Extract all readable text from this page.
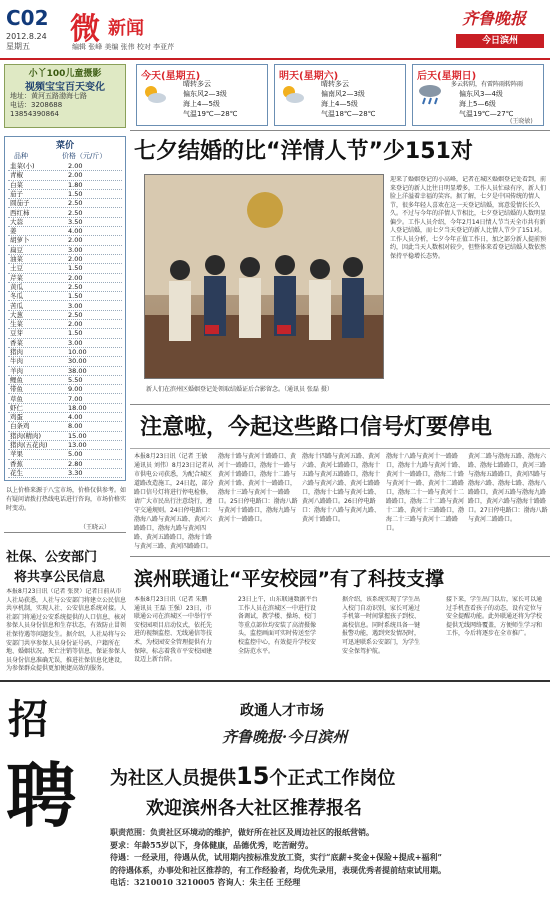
C02
2012.8.24
星期五	微 新闻
编辑 张峰 美编 张伟 校对 李亚芹
齐鲁晚报
今日滨州
小丫100儿童摄影
视频宝宝百天变化
地址：黄河五路渤海七路
电话：3208688
13854390864
今天(星期五)
晴转多云
偏东风2—3级
海上4—5级
气温19℃—28℃
明天(星期六)
晴转多云
偏南风2—3级
海上4—5级
气温18℃—28℃
后天(星期日)
多云转阴，有雷阵雨转阵雨
偏东风3—4级
海上5—6级
气温19℃—27℃
(王晓敏)
菜价
品种	价格（元/斤）
韭菜(小)	2.00
青椒	2.00
白菜	1.80
茄子	1.50
圆茄子	2.50
西红柿	2.50
大蒜	3.50
姜	4.00
胡萝卜	2.00
扁豆	3.00
油菜	2.00
土豆	1.50
芹菜	2.00
黄瓜	2.50
冬瓜	1.50
苦瓜	3.00
大葱	2.50
生菜	2.00
豆芽	1.50
香菜	3.00
猪肉	10.00
牛肉	30.00
羊肉	38.00
鲤鱼	5.50
带鱼	9.00
草鱼	7.00
虾仁	18.00
鸡蛋	4.00
白条鸡	8.00
猪肉(精肉)	15.00
猪肉(五花肉)	13.00
苹果	5.00
香蕉	2.80
花生	3.30
以上价格来源于八宝市场，价格仅供参考。如有疑问请拨打热线电话进行咨询，市场价格实时变动。
（王晓云）
社保、公安部门
将共享公民信息
本报8月23日讯（记者 张贤）记者日前从市人社局获悉，人社与公安部门将建立公民信息共享机制，实现人社、公安信息系统对接。人社部门将通过公安系统提供的人口信息，核对参保人员身份信息和生存状态，有效防止冒领社保待遇等问题发生。据介绍，人社局将与公安部门共享参保人员身份证号码、户籍所在地、婚姻状况、死亡注销等信息，保证参保人员身份信息准确无误，推进社保信息化建设，为参保群众提供更加便捷高效的服务。
七夕结婚的比“洋情人节”少151对
新人们在滨州区婚姻登记处领取结婚证后合影留念。（通讯员 张磊 摄）
迎来了婚姻登记的小高峰，记者在城区婚姻登记处看到，前来登记的新人比往日明显增多，工作人员忙碌有序，新人们脸上洋溢着幸福的笑容。据了解，七夕是中国传统的情人节，很多年轻人喜欢在这一天登记结婚，寓意爱情长长久久。不过与今年的洋情人节相比，七夕登记结婚的人数明显偏少。工作人员介绍，今年2月14日情人节当天全市共有新人登记结婚，而七夕当天登记的新人比情人节少了151对。工作人员分析，七夕今年正值工作日，加之部分新人提前预约，因此当天人数相对较少，但整体来看登记结婚人数依然保持平稳增长态势。
注意啦，今起这些路口信号灯要停电
本报8月23日讯（记者 王敏 通讯员 刘伟）8月23日记者从市供电公司获悉，为配合城区道路改造施工，24日起，部分路口信号灯将进行停电检修，请广大市民出行注意绕行，遵守交通规则。24日停电路口：渤海八路与黄河五路、黄河六路路口，渤海九路与黄河四路、黄河五路路口，渤海十路与黄河三路、黄河四路路口。
渤海十路与黄河十路路口、黄河十一路路口，渤海十一路与黄河十路路口，渤海十二路与黄河十路、黄河十一路路口，渤海十三路与黄河十一路路口。25日停电路口：渤海八路与黄河十路路口，渤海九路与黄河十一路路口。
渤海十四路与黄河五路、黄河六路、黄河七路路口，渤海十五路与黄河五路路口，渤海十六路与黄河六路、黄河七路路口，渤海十七路与黄河七路、黄河八路路口。26日停电路口：渤海十八路与黄河九路、黄河十路路口。
渤海十八路与黄河十一路路口，渤海十九路与黄河十路、黄河十一路路口，渤海二十路与黄河十一路、黄河十二路路口，渤海二十一路与黄河十二路路口，渤海二十二路与黄河十二路、黄河十三路路口，渤海二十三路与黄河十二路路口。
黄河二路与渤海五路、渤海六路、渤海七路路口，黄河三路与渤海五路路口，黄河四路与渤海六路、渤海七路、渤海八路路口，黄河五路与渤海九路路口，黄河六路与渤海十路路口。27日停电路口：渤海八路与黄河二路路口。
滨州联通让“平安校园”有了科技支撑
本报8月23日讯（记者 朱鹏 通讯员 王磊 王强）23日，市联通公司在滨城区一中举行平安校园项目启动仪式，依托先进的视频监控、无线通信等技术，为校园安全管理提供有力保障，标志着我市平安校园建设迈上新台阶。
23日上午，山东联通数据平台工作人员在滨城区一中进行设备调试，教学楼、操场、校门等重点部位均安装了高清摄像头，监控画面可实时传送至学校监控中心，有效提升学校安全防范水平。
据介绍，该系统实现了学生出入校门自动识别，家长可通过手机第一时间掌握孩子到校、离校信息。同时系统具备一键报警功能，遇到突发情况时，可迅速联系公安部门，为学生安全保驾护航。
接下来，学生出门以后，家长可以通过手机查看孩子的动态，设有定位与安全提醒功能。此外联通还将为学校提供无线网络覆盖，方便师生学习和工作，今后将逐步在全市推广。
招
聘
政通人才市场
齐鲁晚报·今日滨州
为社区人员提供15个正式工作岗位
欢迎滨州各大社区推荐报名
职责范围：负责社区环境动的维护，做好所在社区及周边社区的报纸营销。
要求：年龄55岁以下，身体健康，品德优秀，吃苦耐劳。
待遇：一经录用，待遇从优，试用期内按标准发放工资，实行“底薪+奖金+保险+提成+福利”
的待遇体系，办事处和社区推荐的，有工作经验者，均优先录用，表现优秀者提前结束试用期。
电话：3210010 3210005 咨询人：朱主任 王经理
